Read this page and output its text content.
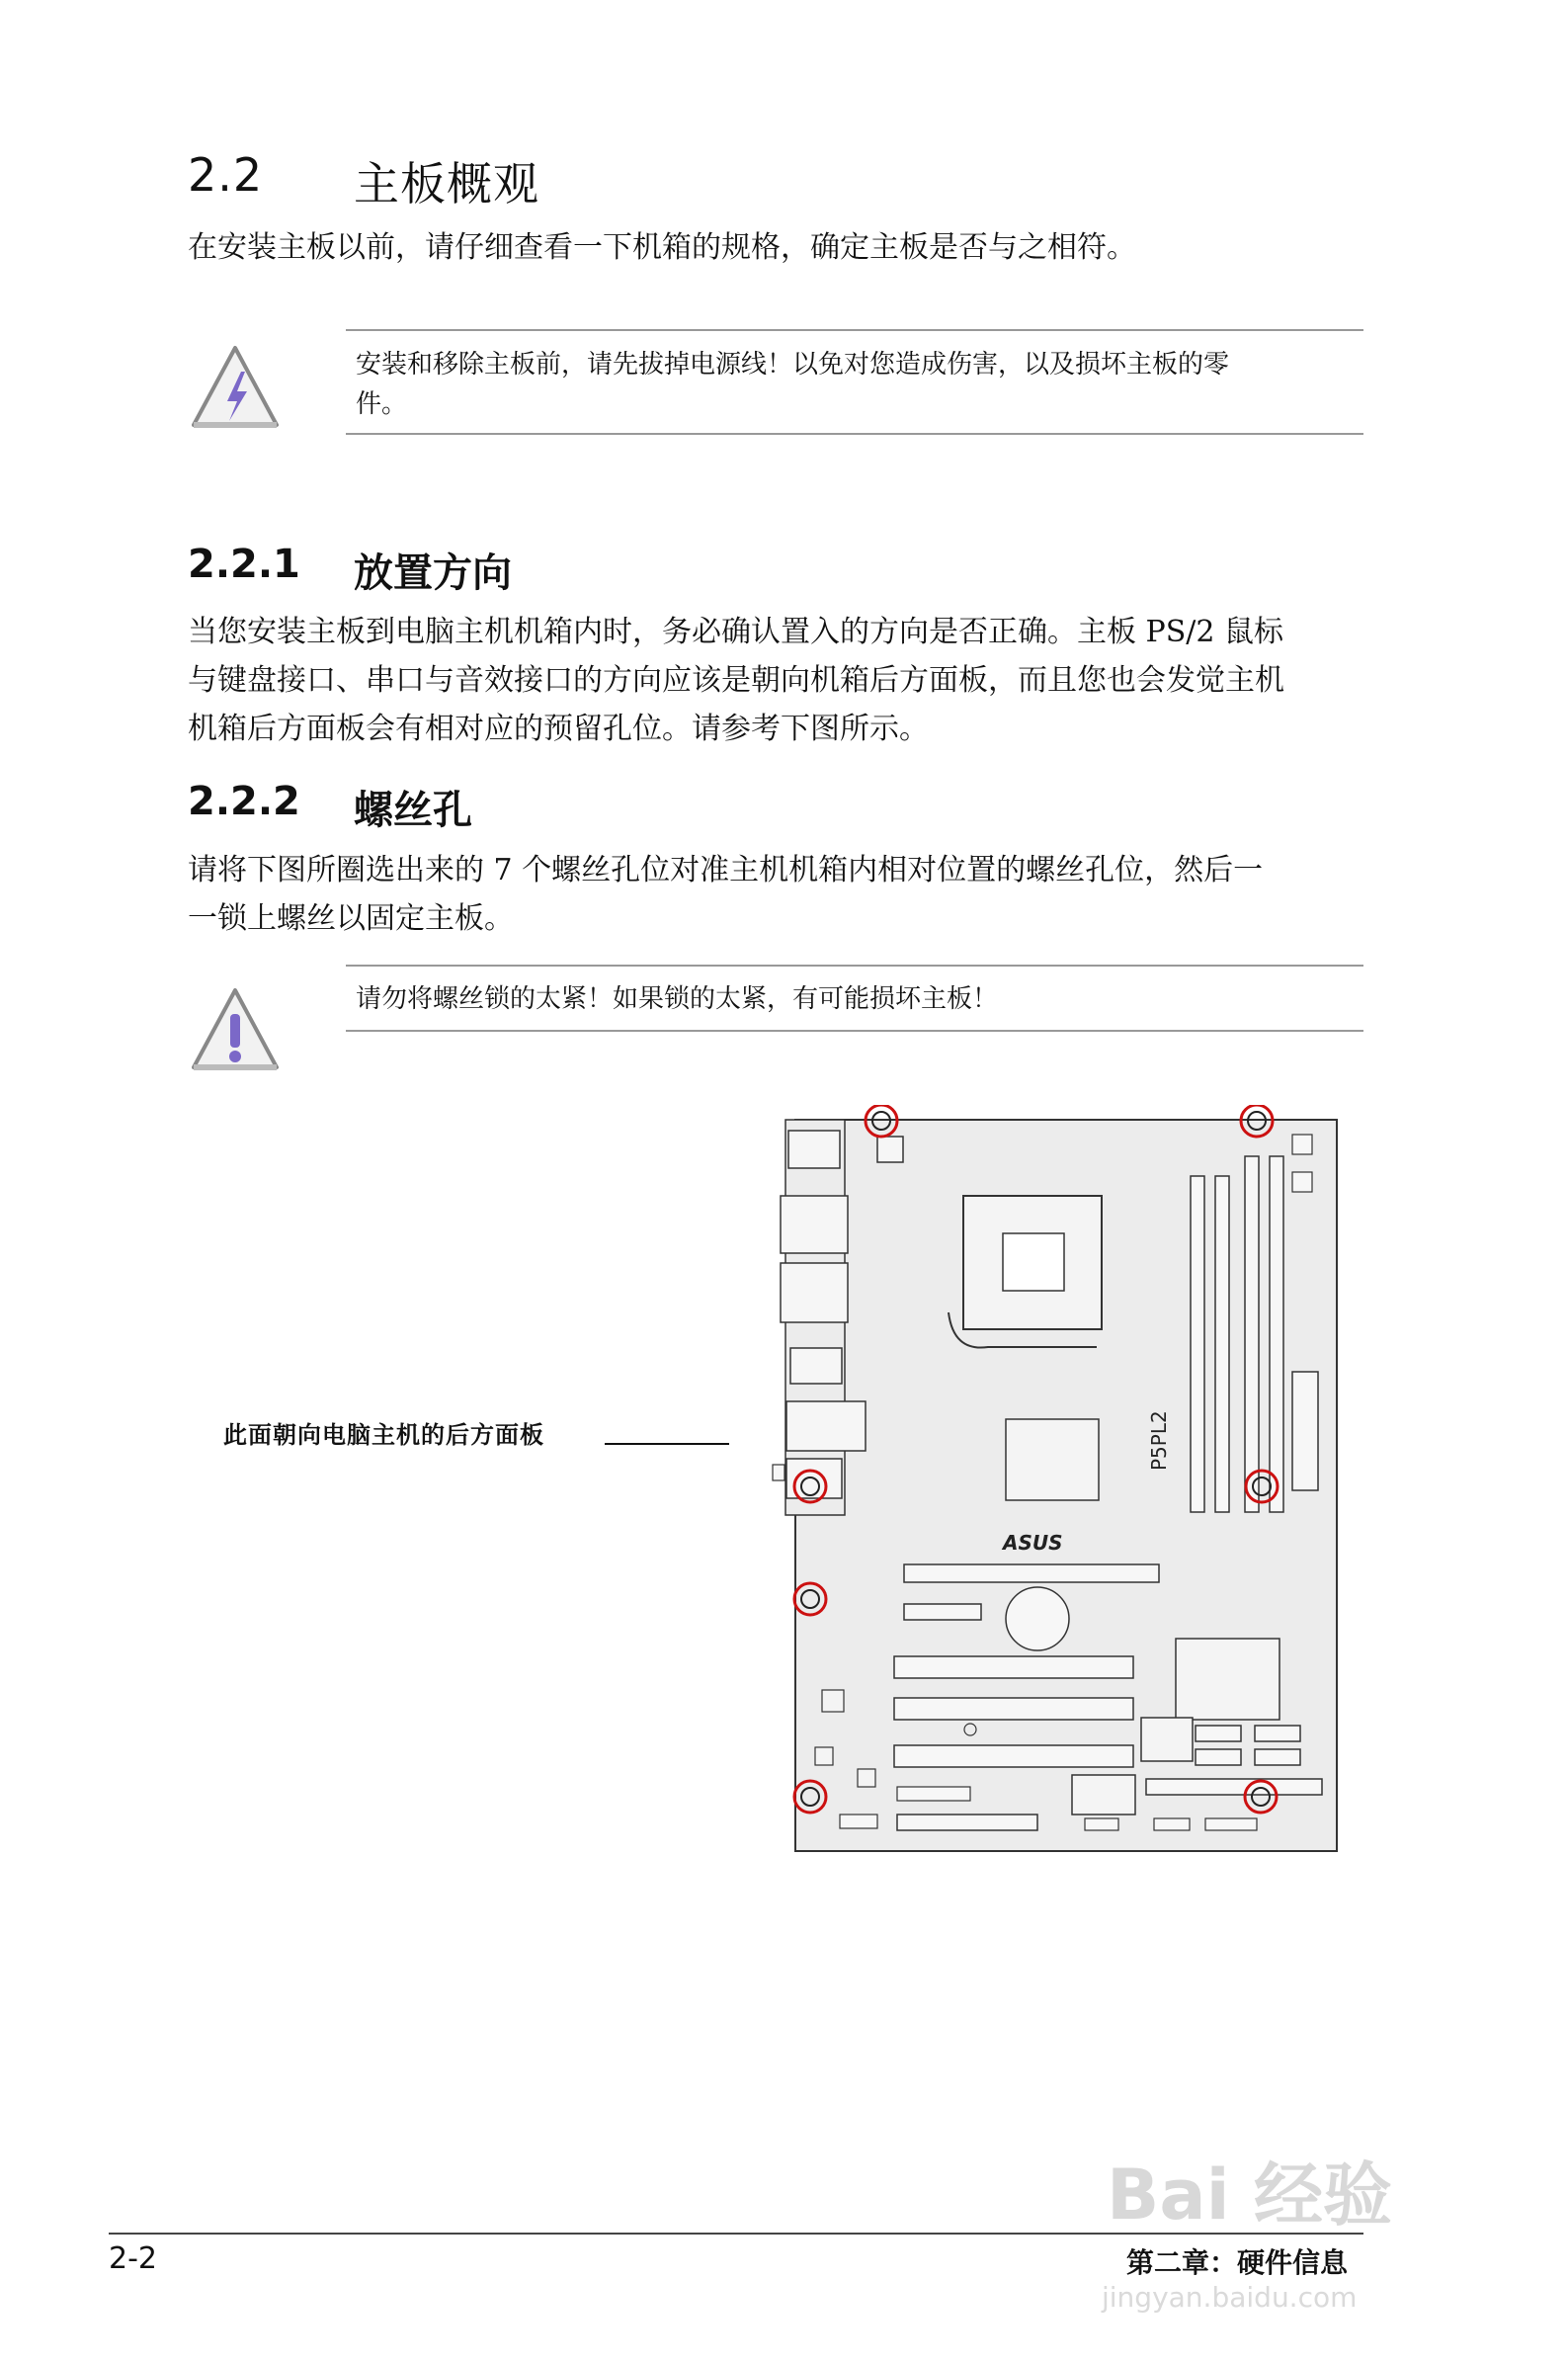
2.2 主板概观
在安装主板以前，请仔细查看一下机箱的规格，确定主板是否与之相符。
安装和移除主板前，请先拔掉电源线！以免对您造成伤害，以及损坏主板的零
件。
2.2.1 放置方向
当您安装主板到电脑主机机箱内时，务必确认置入的方向是否正确。主板 PS/2 鼠标
与键盘接口、串口与音效接口的方向应该是朝向机箱后方面板，而且您也会发觉主机
机箱后方面板会有相对应的预留孔位。请参考下图所示。
2.2.2 螺丝孔
请将下图所圈选出来的 7 个螺丝孔位对准主机机箱内相对位置的螺丝孔位，然后一
一锁上螺丝以固定主板。
请勿将螺丝锁的太紧！如果锁的太紧，有可能损坏主板！
此面朝向电脑主机的后方面板	P5PL2
ASUS
Bai 经验
jingyan.baidu.com
2-2	第二章：硬件信息
